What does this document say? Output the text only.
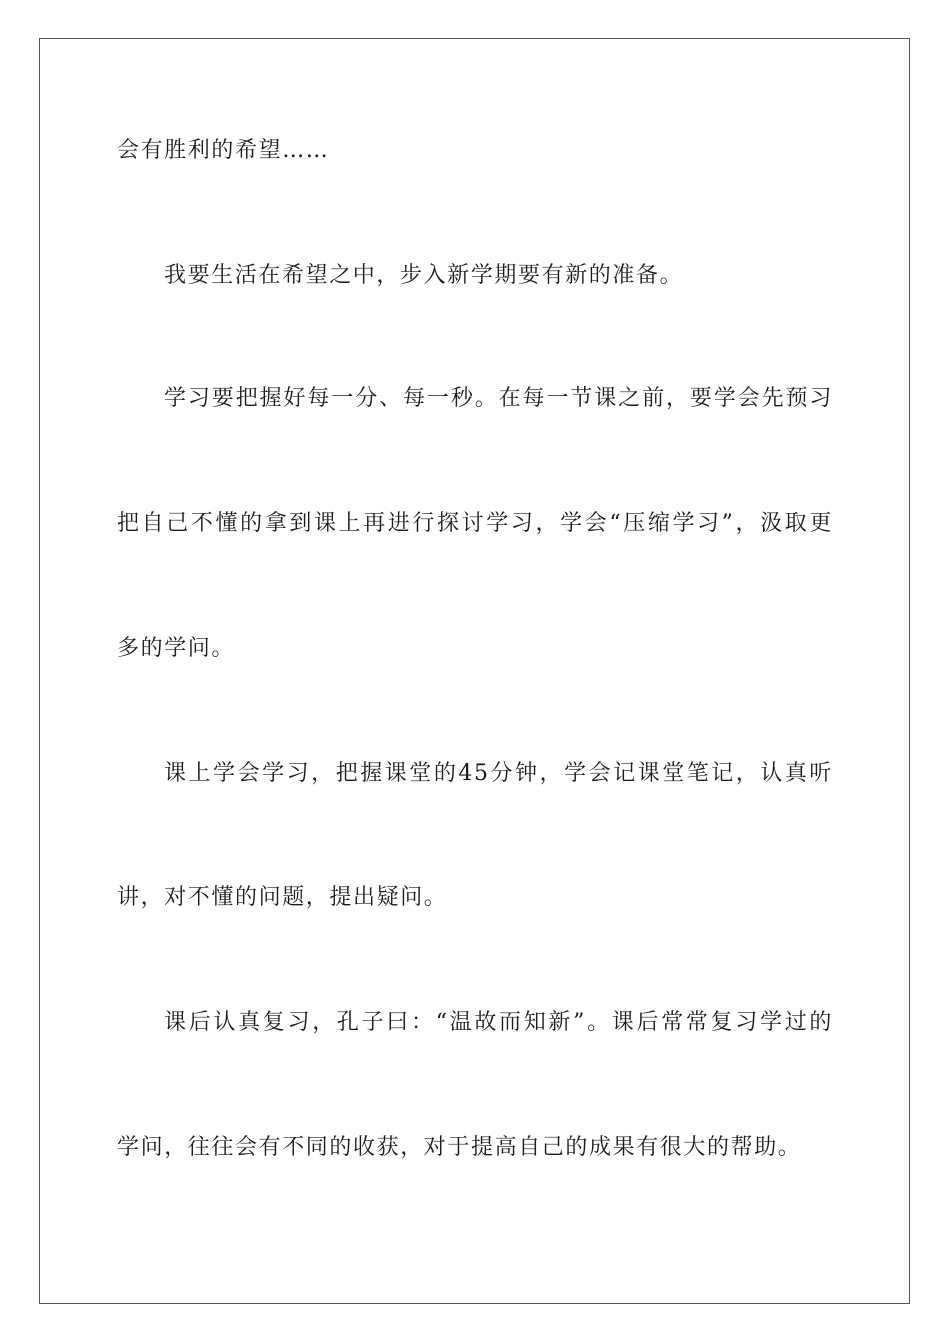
会有胜利的希望……
我要生活在希望之中，步入新学期要有新的准备。
学习要把握好每一分、每一秒。在每一节课之前，要学会先预习
把自己不懂的拿到课上再进行探讨学习，学会“压缩学习”，汲取更
多的学问。
课上学会学习，把握课堂的45分钟，学会记课堂笔记，认真听
讲，对不懂的问题，提出疑问。
课后认真复习，孔子曰：“温故而知新”。课后常常复习学过的
学问，往往会有不同的收获，对于提高自己的成果有很大的帮助。
